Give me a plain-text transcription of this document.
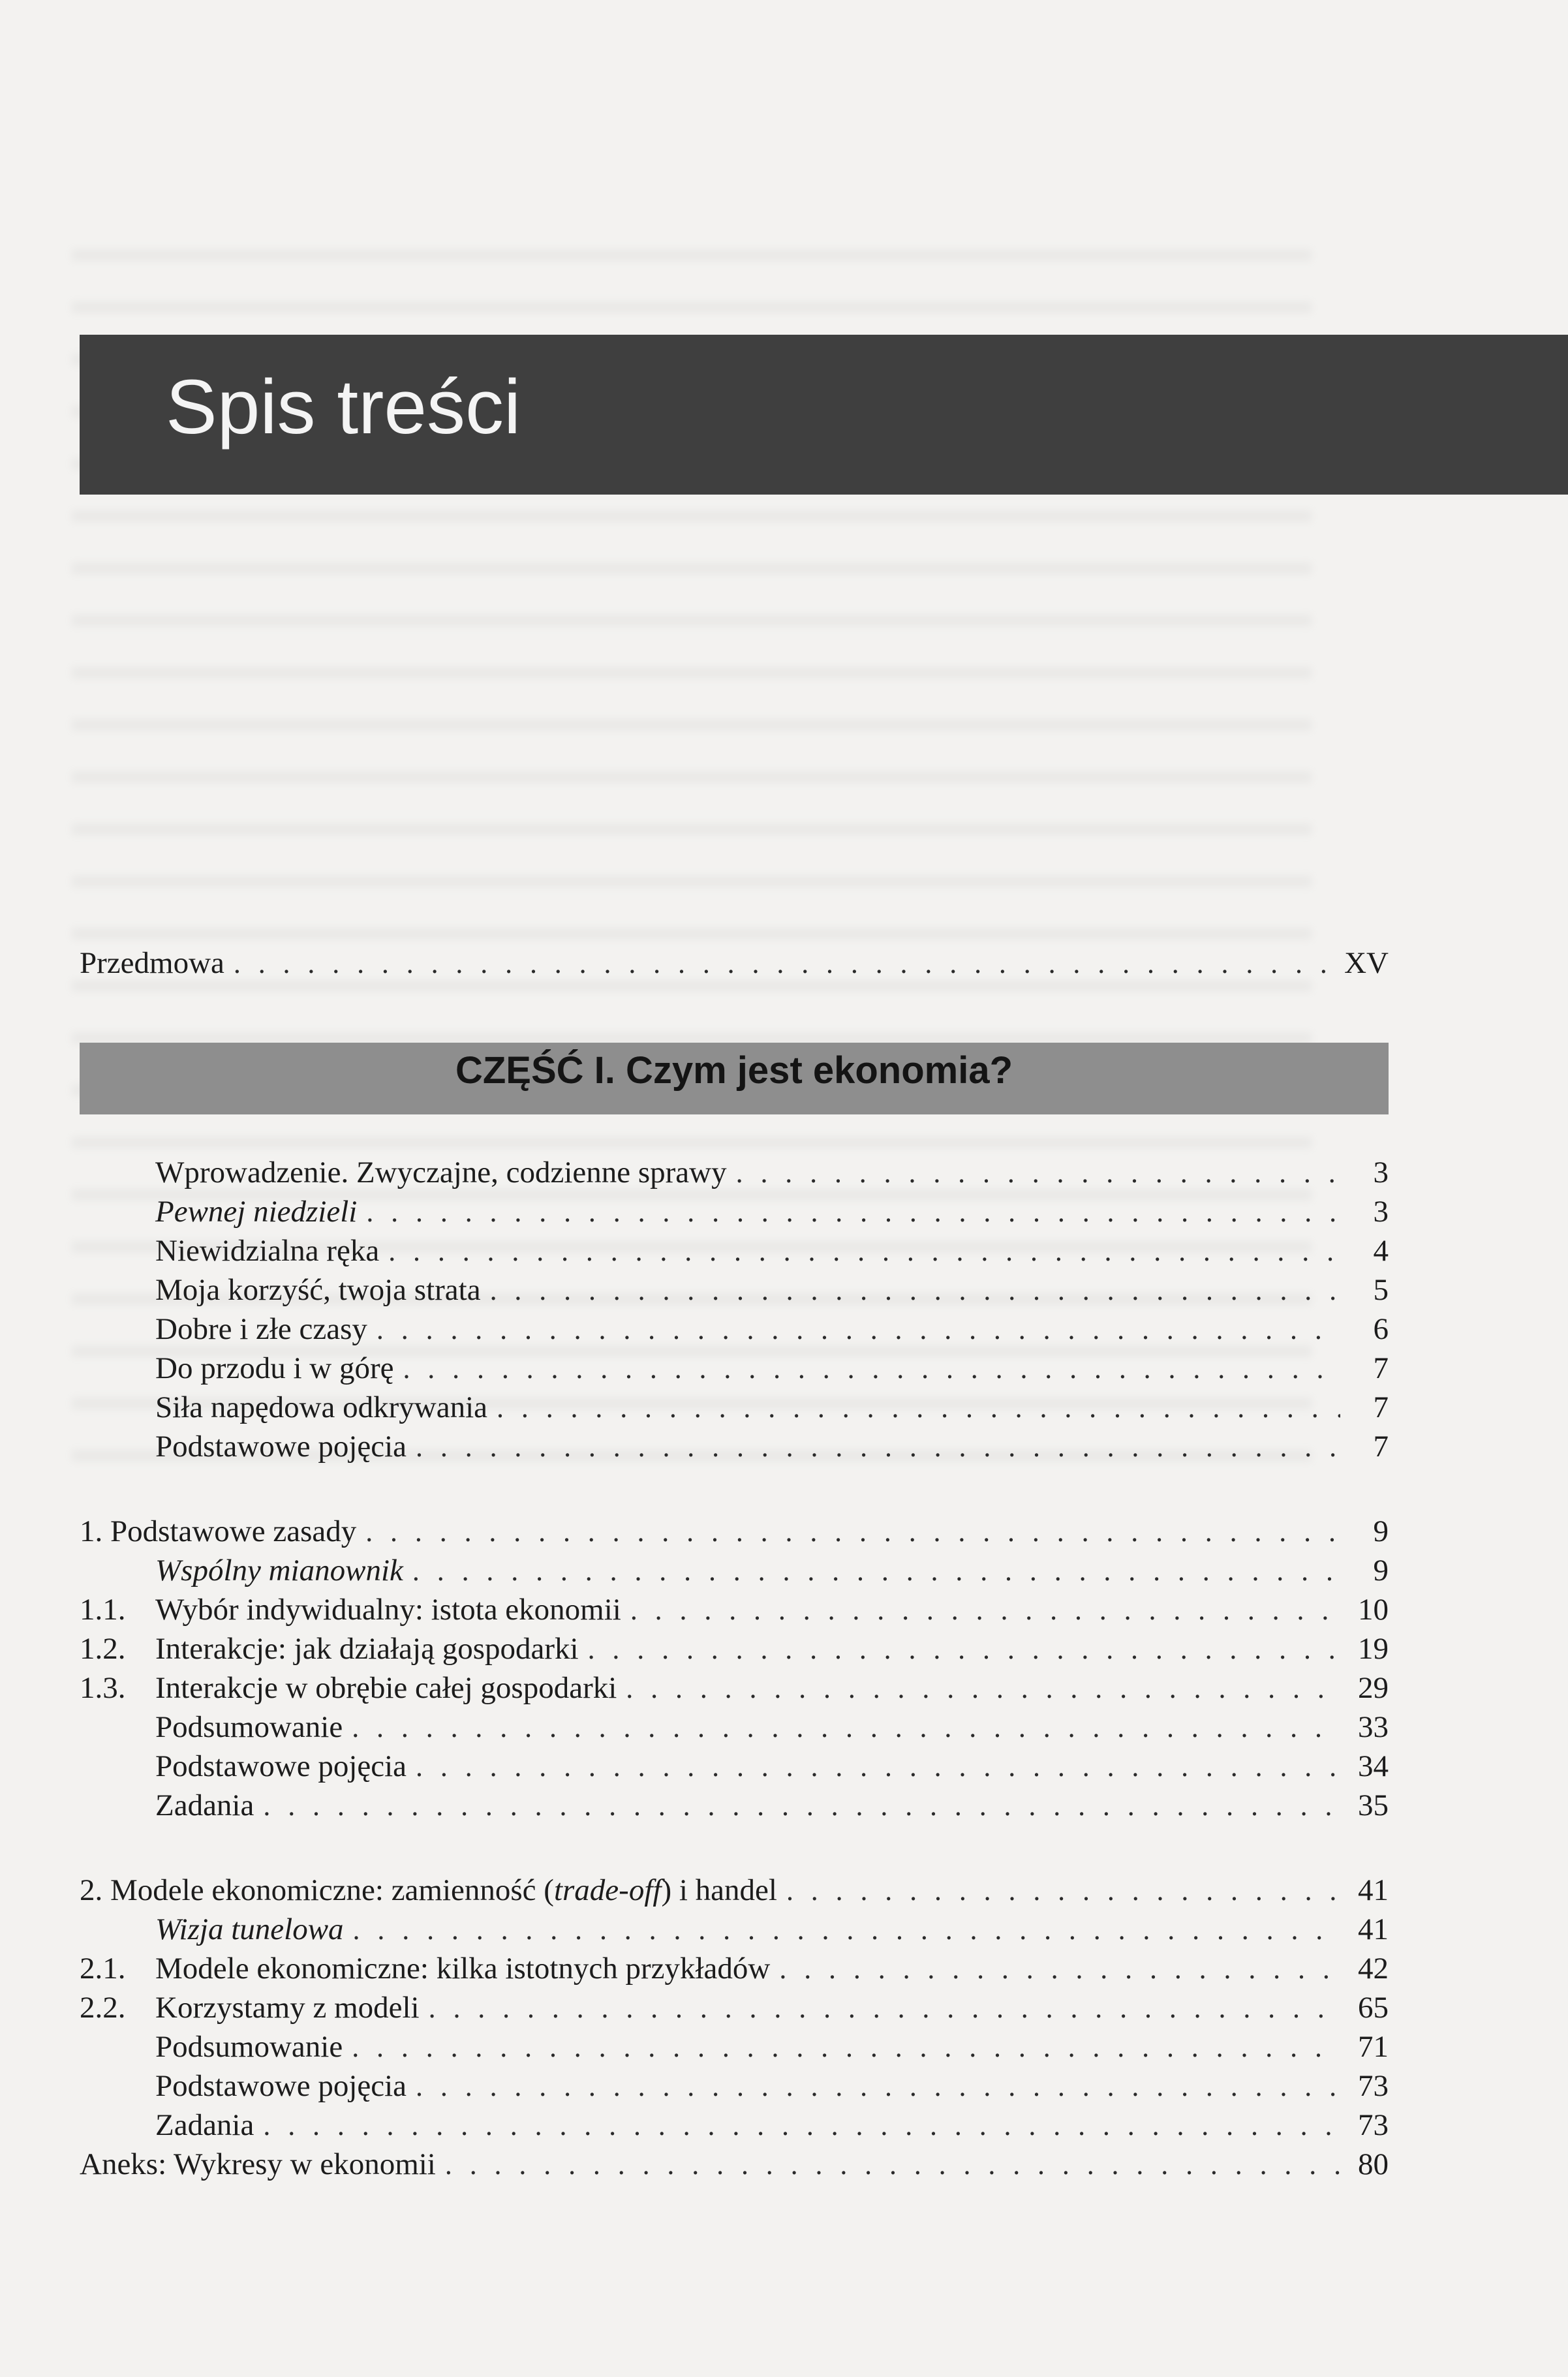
Spis treści
Przedmowa . . .	XV
CZĘŚĆ I. Czym jest ekonomia?
Wprowadzenie. Zwyczajne, codzienne sprawy . . .	3
Pewnej niedzieli . . .	3
Niewidzialna ręka . . .	4
Moja korzyść, twoja strata . . .	5
Dobre i złe czasy . . .	6
Do przodu i w górę . . .	7
Siła napędowa odkrywania . . .	7
Podstawowe pojęcia . . .	7
1. Podstawowe zasady . . .	9
Wspólny mianownik . . .	9
1.1. Wybór indywidualny: istota ekonomii . . .	10
1.2. Interakcje: jak działają gospodarki . . .	19
1.3. Interakcje w obrębie całej gospodarki . . .	29
Podsumowanie . . .	33
Podstawowe pojęcia . . .	34
Zadania . . .	35
2. Modele ekonomiczne: zamienność (trade-off) i handel . . .	41
Wizja tunelowa . . .	41
2.1. Modele ekonomiczne: kilka istotnych przykładów . . .	42
2.2. Korzystamy z modeli . . .	65
Podsumowanie . . .	71
Podstawowe pojęcia . . .	73
Zadania . . .	73
Aneks: Wykresy w ekonomii . . .	80
